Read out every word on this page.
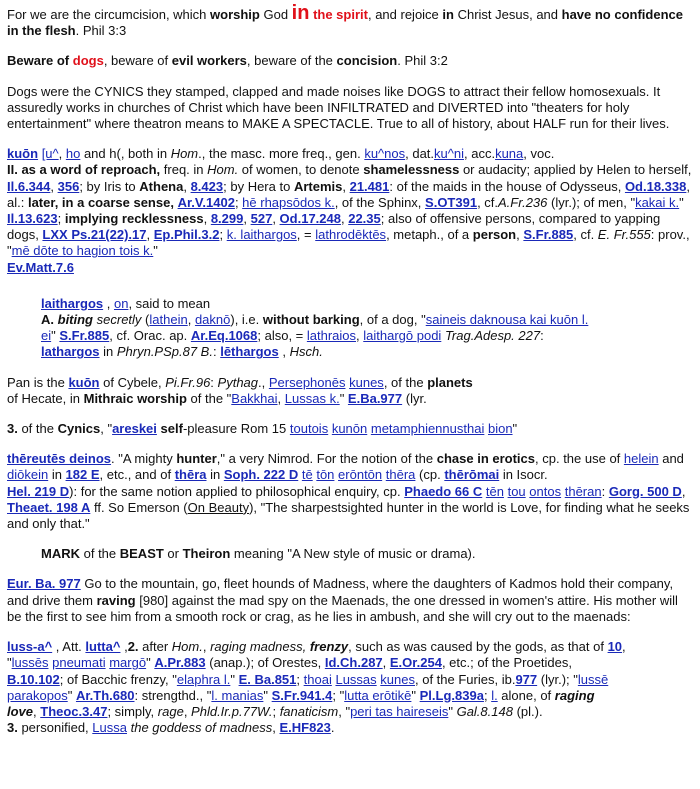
For we are the circumcision, which worship God in the spirit, and rejoice in Christ Jesus, and have no confidence in the flesh. Phil 3:3

Beware of dogs, beware of evil workers, beware of the concision. Phil 3:2

Dogs were the CYNICS they stamped, clapped and made noises like DOGS to attract their fellow homosexuals. It assuredly works in churches of Christ which have been INFILTRATED and DIVERTED into "theaters for holy entertainment" where theatron means to MAKE A SPECTACLE. True to all of history, about HALF run for their lives.

kuōn [u^, ho and h(, both in Hom., the masc. more freq., gen. ku^nos, dat.ku^ni, acc.kuna, voc.
II. as a word of reproach, freq. in Hom. of women, to denote shamelessness or audacity; applied by Helen to herself, Il.6.344, 356; by Iris to Athena, 8.423; by Hera to Artemis, 21.481: of the maids in the house of Odysseus, Od.18.338, al.: later, in a coarse sense, Ar.V.1402; hē rhapsōdos k., of the Sphinx, S.OT391, cf.A.Fr.236 (lyr.); of men, "kakai k." Il.13.623; implying recklessness, 8.299, 527, Od.17.248, 22.35; also of offensive persons, compared to yapping dogs, LXX Ps.21(22).17, Ep.Phil.3.2; k. laithargos, = lathrodēktēs, metaph., of a person, S.Fr.885, cf. E. Fr.555: prov., "mē dōte to hagion tois k."
Ev.Matt.7.6

laithargos , on, said to mean
A. biting secretly (lathein, daknō), i.e. without barking, of a dog, "saineis daknousa kai kuōn l.
ei" S.Fr.885, cf. Orac. ap. Ar.Eq.1068; also, = lathraios, laithargō podi Trag.Adesp. 227:
lathargos in Phryn.PSp.87 B.: lēthargos , Hsch.

Pan is the kuōn of Cybele, Pi.Fr.96: Pythag., Persephonēs kunes, of the planets
of Hecate, in Mithraic worship of the "Bakkhai, Lussas k." E.Ba.977 (lyr.

3. of the Cynics, "areskei self-pleasure Rom 15 toutois kunōn metamphiennusthai bion"

thēreutēs deinos. "A mighty hunter," a very Nimrod. For the notion of the chase in erotics, cp. the use of helein and diōkein in 182 E, etc., and of thēra in Soph. 222 D tē tōn erōntōn thēra (cp. thērōmai in Isocr.
Hel. 219 D): for the same notion applied to philosophical enquiry, cp. Phaedo 66 C tēn tou ontos thēran: Gorg. 500 D, Theaet. 198 A ff. So Emerson (On Beauty), "The sharpestsighted hunter in the world is Love, for finding what he seeks and only that."

MARK of the BEAST or Theiron meaning "A New style of music or drama).

Eur. Ba. 977 Go to the mountain, go, fleet hounds of Madness, where the daughters of Kadmos hold their company, and drive them raving [980] against the mad spy on the Maenads, the one dressed in women's attire. His mother will be the first to see him from a smooth rock or crag, as he lies in ambush, and she will cry out to the maenads:

luss-a^ , Att. lutta^ ,2. after Hom., raging madness, frenzy, such as was caused by the gods, as that of 10,
"lussēs pneumati margō" A.Pr.883 (anap.); of Orestes, Id.Ch.287, E.Or.254, etc.; of the Proetides,
B.10.102; of Bacchic frenzy, "elaphra l." E. Ba.851; thoai Lussas kunes, of the Furies, ib.977 (lyr.); "lussē
parakopos" Ar.Th.680: strengthd., "l. manias" S.Fr.941.4; "lutta erōtikē" Pl.Lg.839a; l. alone, of raging
love, Theoc.3.47; simply, rage, Phld.Ir.p.77W.; fanaticism, "peri tas haireseis" Gal.8.148 (pl.).

3. personified, Lussa the goddess of madness, E.HF823.
